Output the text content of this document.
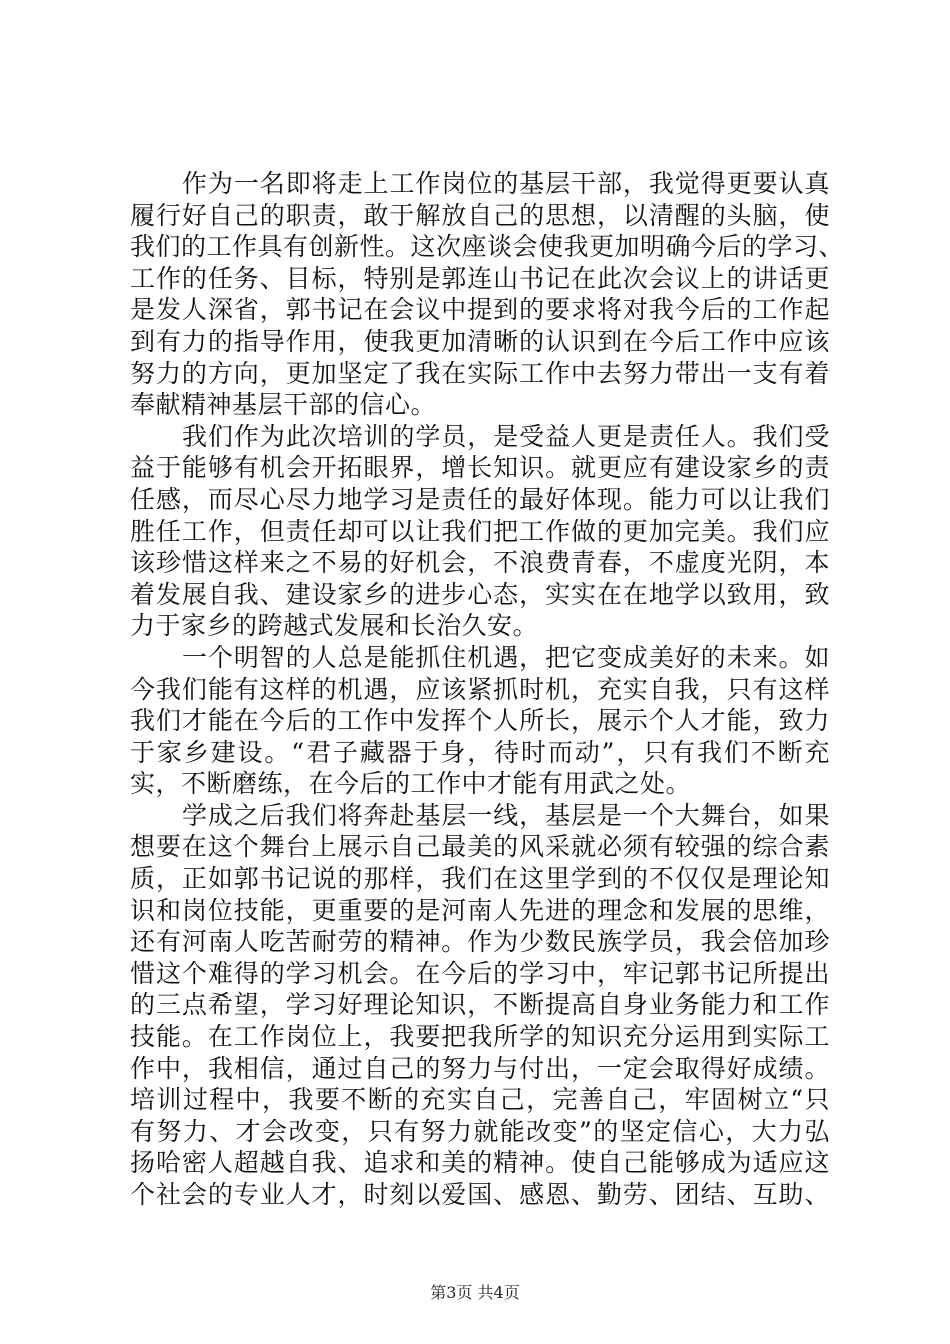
作为一名即将走上工作岗位的基层干部，我觉得更要认真
履行好自己的职责，敢于解放自己的思想，以清醒的头脑，使
我们的工作具有创新性。这次座谈会使我更加明确今后的学习、
工作的任务、目标，特别是郭连山书记在此次会议上的讲话更
是发人深省，郭书记在会议中提到的要求将对我今后的工作起
到有力的指导作用，使我更加清晰的认识到在今后工作中应该
努力的方向，更加坚定了我在实际工作中去努力带出一支有着
奉献精神基层干部的信心。
我们作为此次培训的学员，是受益人更是责任人。我们受
益于能够有机会开拓眼界，增长知识。就更应有建设家乡的责
任感，而尽心尽力地学习是责任的最好体现。能力可以让我们
胜任工作，但责任却可以让我们把工作做的更加完美。我们应
该珍惜这样来之不易的好机会，不浪费青春，不虚度光阴，本
着发展自我、建设家乡的进步心态，实实在在地学以致用，致
力于家乡的跨越式发展和长治久安。
一个明智的人总是能抓住机遇，把它变成美好的未来。如
今我们能有这样的机遇，应该紧抓时机，充实自我，只有这样
我们才能在今后的工作中发挥个人所长，展示个人才能，致力
于家乡建设。“君子藏器于身，待时而动”，只有我们不断充
实，不断磨练，在今后的工作中才能有用武之处。
学成之后我们将奔赴基层一线，基层是一个大舞台，如果
想要在这个舞台上展示自己最美的风采就必须有较强的综合素
质，正如郭书记说的那样，我们在这里学到的不仅仅是理论知
识和岗位技能，更重要的是河南人先进的理念和发展的思维，
还有河南人吃苦耐劳的精神。作为少数民族学员，我会倍加珍
惜这个难得的学习机会。在今后的学习中，牢记郭书记所提出
的三点希望，学习好理论知识，不断提高自身业务能力和工作
技能。在工作岗位上，我要把我所学的知识充分运用到实际工
作中，我相信，通过自己的努力与付出，一定会取得好成绩。
培训过程中，我要不断的充实自己，完善自己，牢固树立“只
有努力、才会改变，只有努力就能改变”的坚定信心，大力弘
扬哈密人超越自我、追求和美的精神。使自己能够成为适应这
个社会的专业人才，时刻以爱国、感恩、勤劳、团结、互助、
第3页 共4页
